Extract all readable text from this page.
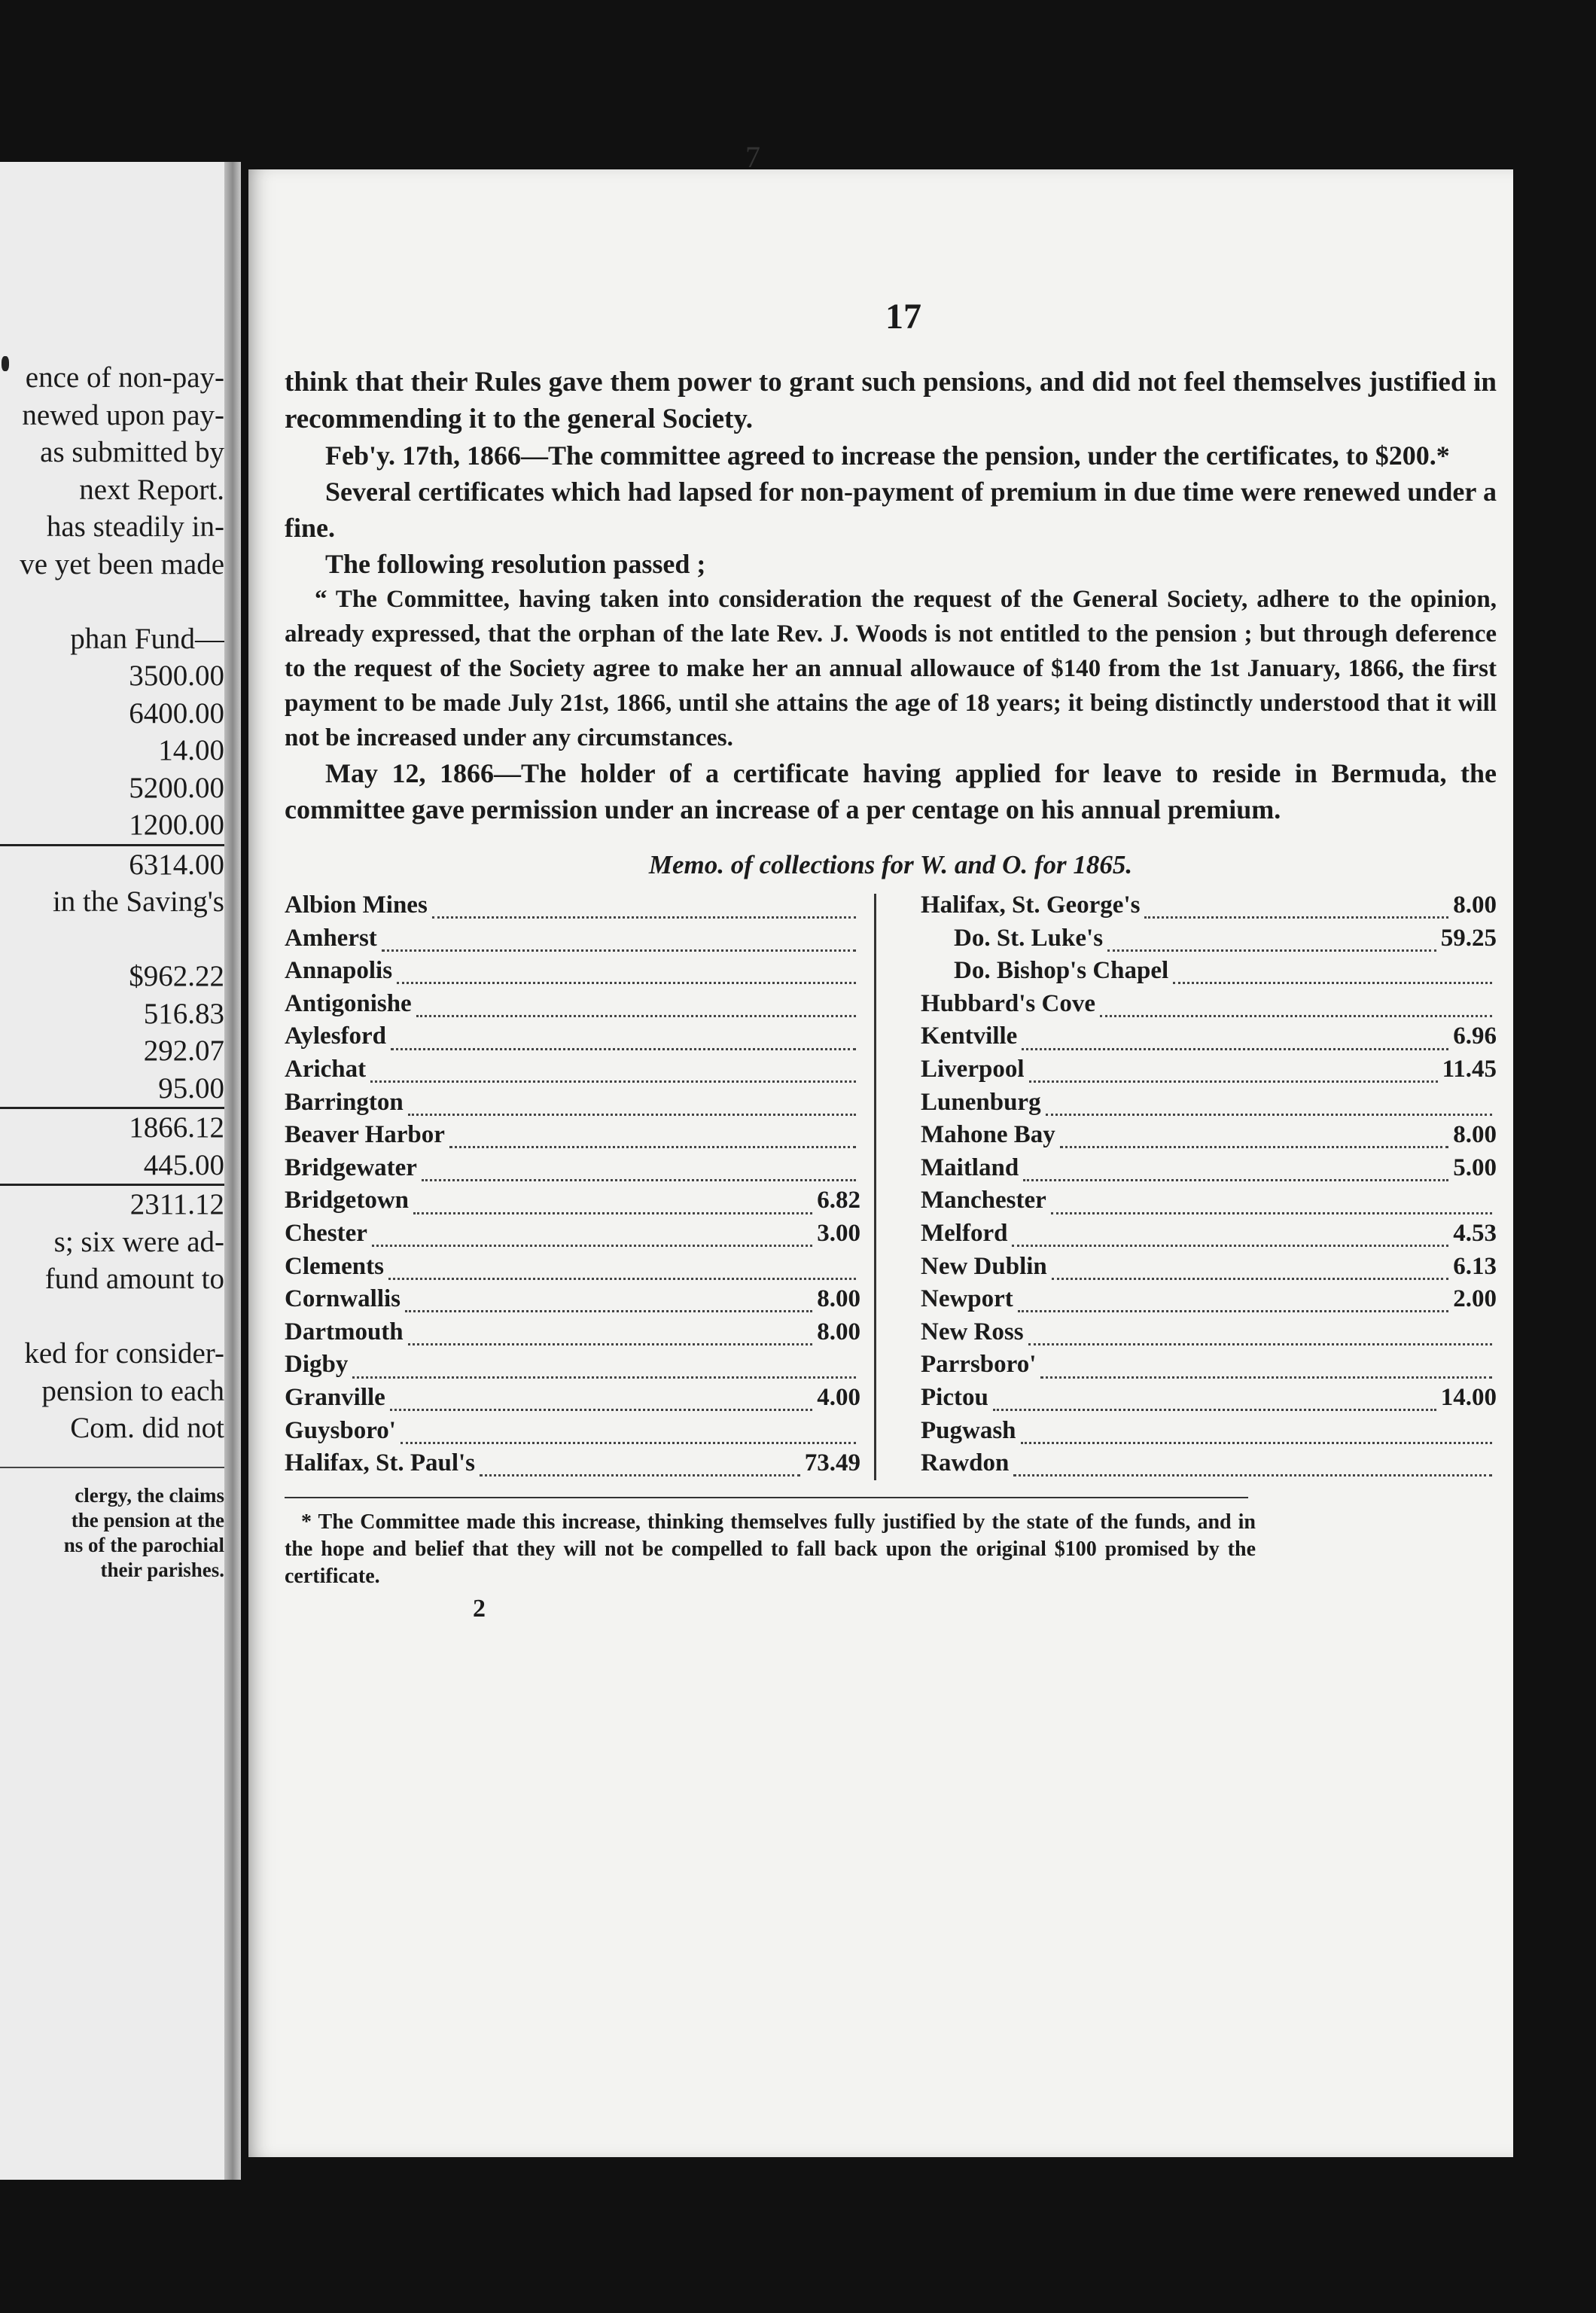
ence of non-pay-
newed upon pay-
as submitted by
next Report.
has steadily in-
ve yet been made
phan Fund—
3500.00
6400.00
14.00
5200.00
1200.00
6314.00
in the Saving's
$962.22
516.83
292.07
95.00
1866.12
445.00
2311.12
s; six were ad-
fund amount to
ked for consider-
pension to each
Com. did not
clergy, the claims
the pension at the
ns of the parochial
their parishes.
7
17

think that their Rules gave them power to grant such pensions, and did not feel themselves justified in recommending it to the general Society.

Feb'y. 17th, 1866—The committee agreed to increase the pension, under the certificates, to $200.*

Several certificates which had lapsed for non-payment of premium in due time were renewed under a fine.

The following resolution passed ;

“ The Committee, having taken into consideration the request of the General Society, adhere to the opinion, already expressed, that the orphan of the late Rev. J. Woods is not entitled to the pension ; but through deference to the request of the Society agree to make her an annual allowauce of $140 from the 1st January, 1866, the first payment to be made July 21st, 1866, until she attains the age of 18 years; it being distinctly understood that it will not be increased under any circumstances.

May 12, 1866—The holder of a certificate having applied for leave to reside in Bermuda, the committee gave permission under an increase of a per centage on his annual premium.

Memo. of collections for W. and O. for 1865.
Albion Mines
Amherst
Annapolis
Antigonishe
Aylesford
Arichat
Barrington
Beaver Harbor
Bridgewater
Bridgetown	6.82
Chester	3.00
Clements
Cornwallis	8.00
Dartmouth	8.00
Digby
Granville	4.00
Guysboro'
Halifax, St. Paul's	73.49
Halifax, St. George's	8.00
Do. St. Luke's	59.25
Do. Bishop's Chapel
Hubbard's Cove
Kentville	6.96
Liverpool	11.45
Lunenburg
Mahone Bay	8.00
Maitland	5.00
Manchester
Melford	4.53
New Dublin	6.13
Newport	2.00
New Ross
Parrsboro'
Pictou	14.00
Pugwash
Rawdon
* The Committee made this increase, thinking themselves fully justified by the state of the funds, and in the hope and belief that they will not be compelled to fall back upon the original $100 promised by the certificate.
2
